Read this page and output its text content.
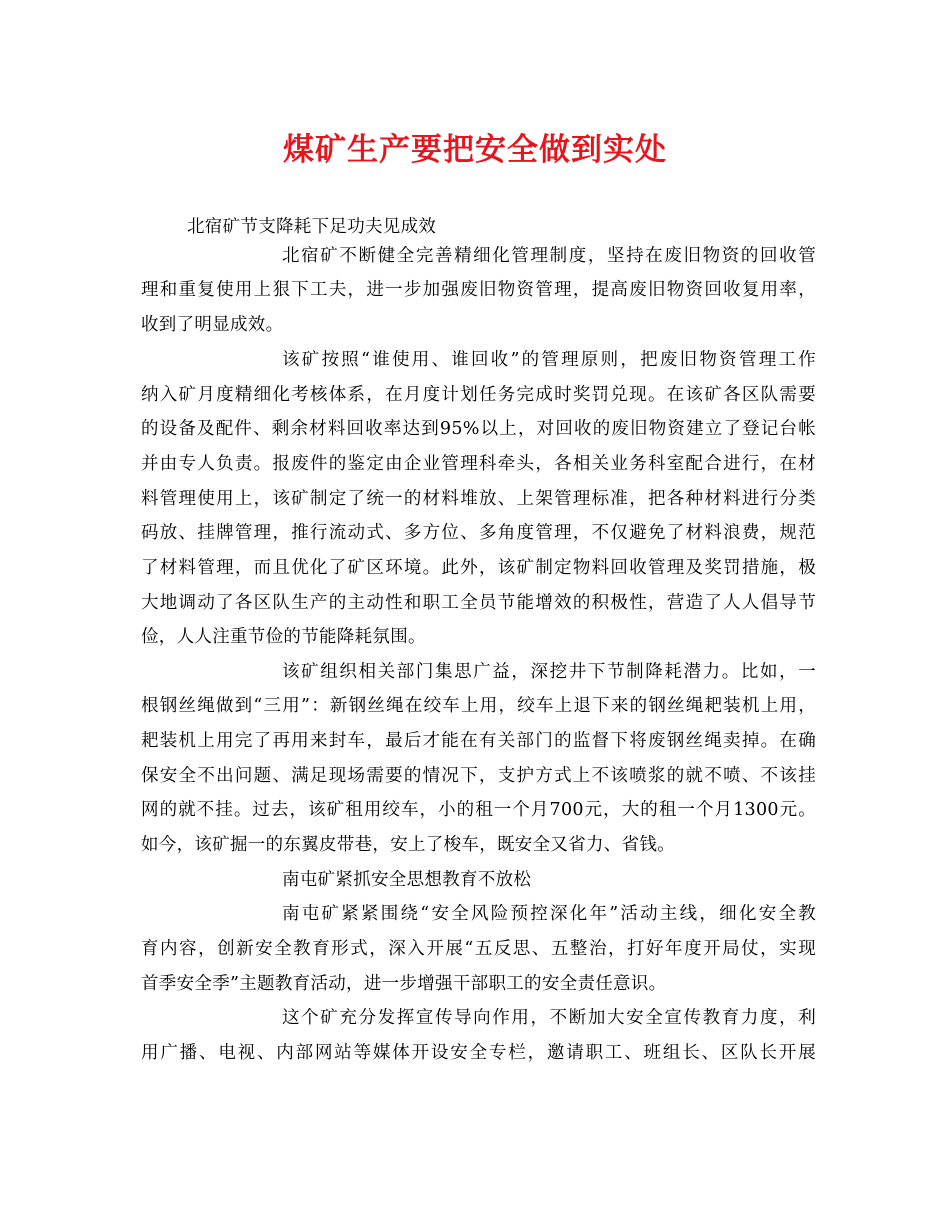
煤矿生产要把安全做到实处
北宿矿节支降耗下足功夫见成效
北宿矿不断健全完善精细化管理制度，坚持在废旧物资的回收管
理和重复使用上狠下工夫，进一步加强废旧物资管理，提高废旧物资回收复用率，
收到了明显成效。
该矿按照“谁使用、谁回收”的管理原则，把废旧物资管理工作
纳入矿月度精细化考核体系，在月度计划任务完成时奖罚兑现。在该矿各区队需要
的设备及配件、剩余材料回收率达到95%以上，对回收的废旧物资建立了登记台帐
并由专人负责。报废件的鉴定由企业管理科牵头，各相关业务科室配合进行，在材
料管理使用上，该矿制定了统一的材料堆放、上架管理标准，把各种材料进行分类
码放、挂牌管理，推行流动式、多方位、多角度管理，不仅避免了材料浪费，规范
了材料管理，而且优化了矿区环境。此外，该矿制定物料回收管理及奖罚措施，极
大地调动了各区队生产的主动性和职工全员节能增效的积极性，营造了人人倡导节
俭，人人注重节俭的节能降耗氛围。
该矿组织相关部门集思广益，深挖井下节制降耗潜力。比如，一
根钢丝绳做到“三用”：新钢丝绳在绞车上用，绞车上退下来的钢丝绳耙装机上用，
耙装机上用完了再用来封车，最后才能在有关部门的监督下将废钢丝绳卖掉。在确
保安全不出问题、满足现场需要的情况下，支护方式上不该喷浆的就不喷、不该挂
网的就不挂。过去，该矿租用绞车，小的租一个月700元，大的租一个月1300元。
如今，该矿掘一的东翼皮带巷，安上了梭车，既安全又省力、省钱。
南屯矿紧抓安全思想教育不放松
南屯矿紧紧围绕“安全风险预控深化年”活动主线，细化安全教
育内容，创新安全教育形式，深入开展“五反思、五整治，打好年度开局仗，实现
首季安全季”主题教育活动，进一步增强干部职工的安全责任意识。
这个矿充分发挥宣传导向作用，不断加大安全宣传教育力度，利
用广播、电视、内部网站等媒体开设安全专栏，邀请职工、班组长、区队长开展
